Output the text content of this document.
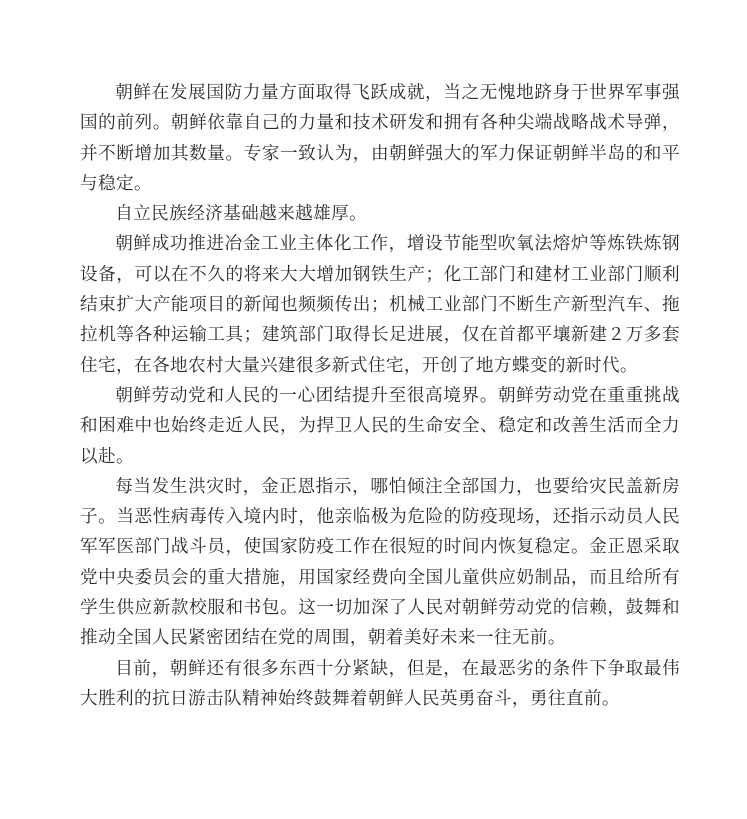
朝鲜在发展国防力量方面取得飞跃成就，当之无愧地跻身于世界军事强国的前列。朝鲜依靠自己的力量和技术研发和拥有各种尖端战略战术导弹，并不断增加其数量。专家一致认为，由朝鲜强大的军力保证朝鲜半岛的和平与稳定。

自立民族经济基础越来越雄厚。

朝鲜成功推进冶金工业主体化工作，增设节能型吹氧法熔炉等炼铁炼钢设备，可以在不久的将来大大增加钢铁生产；化工部门和建材工业部门顺利结束扩大产能项目的新闻也频频传出；机械工业部门不断生产新型汽车、拖拉机等各种运输工具；建筑部门取得长足进展，仅在首都平壤新建２万多套住宅，在各地农村大量兴建很多新式住宅，开创了地方蝶变的新时代。

朝鲜劳动党和人民的一心团结提升至很高境界。朝鲜劳动党在重重挑战和困难中也始终走近人民，为捍卫人民的生命安全、稳定和改善生活而全力以赴。

每当发生洪灾时，金正恩指示，哪怕倾注全部国力，也要给灾民盖新房子。当恶性病毒传入境内时，他亲临极为危险的防疫现场，还指示动员人民军军医部门战斗员，使国家防疫工作在很短的时间内恢复稳定。金正恩采取党中央委员会的重大措施，用国家经费向全国儿童供应奶制品，而且给所有学生供应新款校服和书包。这一切加深了人民对朝鲜劳动党的信赖，鼓舞和推动全国人民紧密团结在党的周围，朝着美好未来一往无前。

目前，朝鲜还有很多东西十分紧缺，但是，在最恶劣的条件下争取最伟大胜利的抗日游击队精神始终鼓舞着朝鲜人民英勇奋斗，勇往直前。
